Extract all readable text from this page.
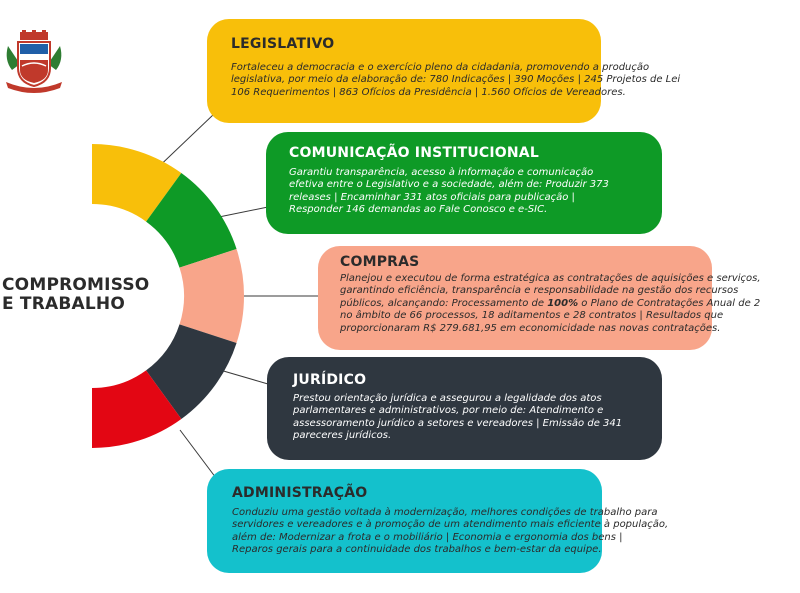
COMPROMISSO
E TRABALHO
LEGISLATIVO

Fortaleceu a democracia e o exercício pleno da cidadania, promovendo a produção
legislativa, por meio da elaboração de: 780 Indicações | 390 Moções | 245 Projetos de Lei
106 Requerimentos | 863 Ofícios da Presidência | 1.560 Ofícios de Vereadores.

COMUNICAÇÃO INSTITUCIONAL

Garantiu transparência, acesso à informação e comunicação
efetiva entre o Legislativo e a sociedade, além de: Produzir 373
releases | Encaminhar 331 atos oficiais para publicação |
Responder 146 demandas ao Fale Conosco e e-SIC.

COMPRAS

Planejou e executou de forma estratégica as contratações de aquisições e serviços,
garantindo eficiência, transparência e responsabilidade na gestão dos recursos
públicos, alcançando: Processamento de 100% o Plano de Contratações Anual de 2
no âmbito de 66 processos, 18 aditamentos e 28 contratos | Resultados que
proporcionaram R$ 279.681,95 em economicidade nas novas contratações.

JURÍDICO

Prestou orientação jurídica e assegurou a legalidade dos atos
parlamentares e administrativos, por meio de: Atendimento e
assessoramento jurídico a setores e vereadores | Emissão de 341
pareceres jurídicos.

ADMINISTRAÇÃO

Conduziu uma gestão voltada à modernização, melhores condições de trabalho para
servidores e vereadores e à promoção de um atendimento mais eficiente à população,
além de: Modernizar a frota e o mobiliário | Economia e ergonomia dos bens |
Reparos gerais para a continuidade dos trabalhos e bem-estar da equipe.
